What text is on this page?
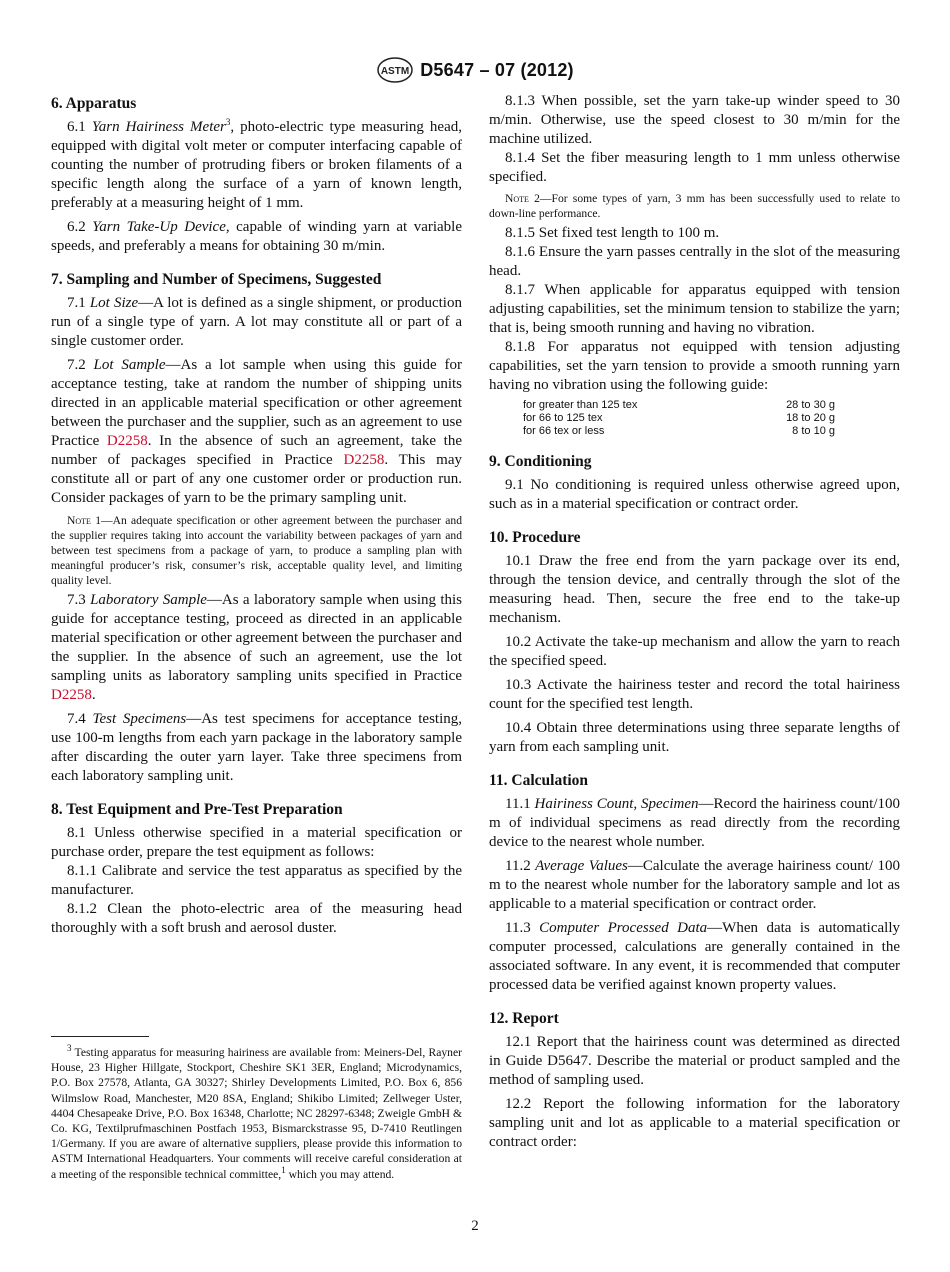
ASTM D5647 – 07 (2012)
6. Apparatus

6.1 Yarn Hairiness Meter$^3$, photo-electric type measuring head, equipped with digital volt meter or computer interfacing capable of counting the number of protruding fibers or broken filaments of a specific length along the surface of a yarn of known length, preferably at a measuring height of 1 mm.

6.2 Yarn Take-Up Device, capable of winding yarn at variable speeds, and preferably a means for obtaining 30 m/min.

7. Sampling and Number of Specimens, Suggested

7.1 Lot Size—A lot is defined as a single shipment, or production run of a single type of yarn. A lot may constitute all or part of a single customer order.

7.2 Lot Sample—As a lot sample when using this guide for acceptance testing, take at random the number of shipping units directed in an applicable material specification or other agreement between the purchaser and the supplier, such as an agreement to use Practice D2258. In the absence of such an agreement, take the number of packages specified in Practice D2258. This may constitute all or part of any one customer order or production run. Consider packages of yarn to be the primary sampling unit.

Note 1—An adequate specification or other agreement between the purchaser and the supplier requires taking into account the variability between packages of yarn and between test specimens from a package of yarn, to produce a sampling plan with meaningful producer’s risk, consumer’s risk, acceptable quality level, and limiting quality level.

7.3 Laboratory Sample—As a laboratory sample when using this guide for acceptance testing, proceed as directed in an applicable material specification or other agreement between the purchaser and the supplier. In the absence of such an agreement, use the lot sampling units as laboratory sampling units specified in Practice D2258.

7.4 Test Specimens—As test specimens for acceptance testing, use 100-m lengths from each yarn package in the laboratory sample after discarding the outer yarn layer. Take three specimens from each laboratory sampling unit.

8. Test Equipment and Pre-Test Preparation

8.1 Unless otherwise specified in a material specification or purchase order, prepare the test equipment as follows:

8.1.1 Calibrate and service the test apparatus as specified by the manufacturer.

8.1.2 Clean the photo-electric area of the measuring head thoroughly with a soft brush and aerosol duster.

$^3$ Testing apparatus for measuring hairiness are available from: Meiners-Del, Rayner House, 23 Higher Hillgate, Stockport, Cheshire SK1 3ER, England; Microdynamics, P.O. Box 27578, Atlanta, GA 30327; Shirley Developments Limited, P.O. Box 6, 856 Wilmslow Road, Manchester, M20 8SA, England; Shikibo Limited; Zellweger Uster, 4404 Chesapeake Drive, P.O. Box 16348, Charlotte; NC 28297-6348; Zweigle GmbH & Co. KG, Textilprufmaschinen Postfach 1953, Bismarckstrasse 95, D-7410 Reutlingen 1/Germany. If you are aware of alternative suppliers, please provide this information to ASTM International Headquarters. Your comments will receive careful consideration at a meeting of the responsible technical committee,$^1$ which you may attend.

8.1.3 When possible, set the yarn take-up winder speed to 30 m/min. Otherwise, use the speed closest to 30 m/min for the machine utilized.

8.1.4 Set the fiber measuring length to 1 mm unless otherwise specified.

Note 2—For some types of yarn, 3 mm has been successfully used to relate to down-line performance.

8.1.5 Set fixed test length to 100 m.

8.1.6 Ensure the yarn passes centrally in the slot of the measuring head.

8.1.7 When applicable for apparatus equipped with tension adjusting capabilities, set the minimum tension to stabilize the yarn; that is, being smooth running and having no vibration.

8.1.8 For apparatus not equipped with tension adjusting capabilities, set the yarn tension to provide a smooth running yarn having no vibration using the following guide:

for greater than 125 tex	28 to 30 g
for 66 to 125 tex	18 to 20 g
for 66 tex or less	8 to 10 g
9. Conditioning

9.1 No conditioning is required unless otherwise agreed upon, such as in a material specification or contract order.

10. Procedure

10.1 Draw the free end from the yarn package over its end, through the tension device, and centrally through the slot of the measuring head. Then, secure the free end to the take-up mechanism.

10.2 Activate the take-up mechanism and allow the yarn to reach the specified speed.

10.3 Activate the hairiness tester and record the total hairiness count for the specified test length.

10.4 Obtain three determinations using three separate lengths of yarn from each sampling unit.

11. Calculation

11.1 Hairiness Count, Specimen—Record the hairiness count/100 m of individual specimens as read directly from the recording device to the nearest whole number.

11.2 Average Values—Calculate the average hairiness count/ 100 m to the nearest whole number for the laboratory sample and lot as applicable to a material specification or contract order.

11.3 Computer Processed Data—When data is automatically computer processed, calculations are generally contained in the associated software. In any event, it is recommended that computer processed data be verified against known property values.

12. Report

12.1 Report that the hairiness count was determined as directed in Guide D5647. Describe the material or product sampled and the method of sampling used.

12.2 Report the following information for the laboratory sampling unit and lot as applicable to a material specification or contract order:

2
